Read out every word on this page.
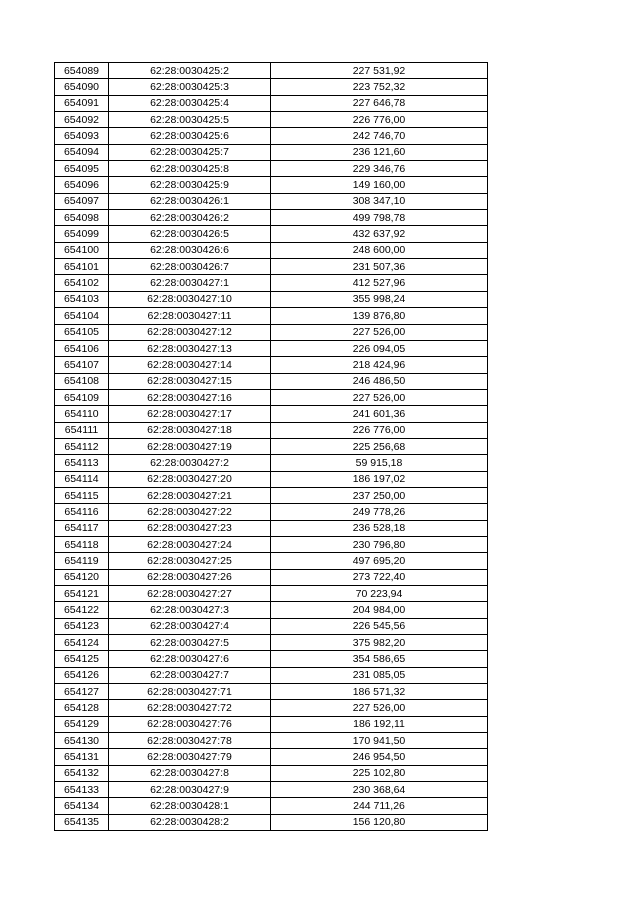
654089	62:28:0030425:2	227 531,92
654090	62:28:0030425:3	223 752,32
654091	62:28:0030425:4	227 646,78
654092	62:28:0030425:5	226 776,00
654093	62:28:0030425:6	242 746,70
654094	62:28:0030425:7	236 121,60
654095	62:28:0030425:8	229 346,76
654096	62:28:0030425:9	149 160,00
654097	62:28:0030426:1	308 347,10
654098	62:28:0030426:2	499 798,78
654099	62:28:0030426:5	432 637,92
654100	62:28:0030426:6	248 600,00
654101	62:28:0030426:7	231 507,36
654102	62:28:0030427:1	412 527,96
654103	62:28:0030427:10	355 998,24
654104	62:28:0030427:11	139 876,80
654105	62:28:0030427:12	227 526,00
654106	62:28:0030427:13	226 094,05
654107	62:28:0030427:14	218 424,96
654108	62:28:0030427:15	246 486,50
654109	62:28:0030427:16	227 526,00
654110	62:28:0030427:17	241 601,36
654111	62:28:0030427:18	226 776,00
654112	62:28:0030427:19	225 256,68
654113	62:28:0030427:2	59 915,18
654114	62:28:0030427:20	186 197,02
654115	62:28:0030427:21	237 250,00
654116	62:28:0030427:22	249 778,26
654117	62:28:0030427:23	236 528,18
654118	62:28:0030427:24	230 796,80
654119	62:28:0030427:25	497 695,20
654120	62:28:0030427:26	273 722,40
654121	62:28:0030427:27	70 223,94
654122	62:28:0030427:3	204 984,00
654123	62:28:0030427:4	226 545,56
654124	62:28:0030427:5	375 982,20
654125	62:28:0030427:6	354 586,65
654126	62:28:0030427:7	231 085,05
654127	62:28:0030427:71	186 571,32
654128	62:28:0030427:72	227 526,00
654129	62:28:0030427:76	186 192,11
654130	62:28:0030427:78	170 941,50
654131	62:28:0030427:79	246 954,50
654132	62:28:0030427:8	225 102,80
654133	62:28:0030427:9	230 368,64
654134	62:28:0030428:1	244 711,26
654135	62:28:0030428:2	156 120,80
